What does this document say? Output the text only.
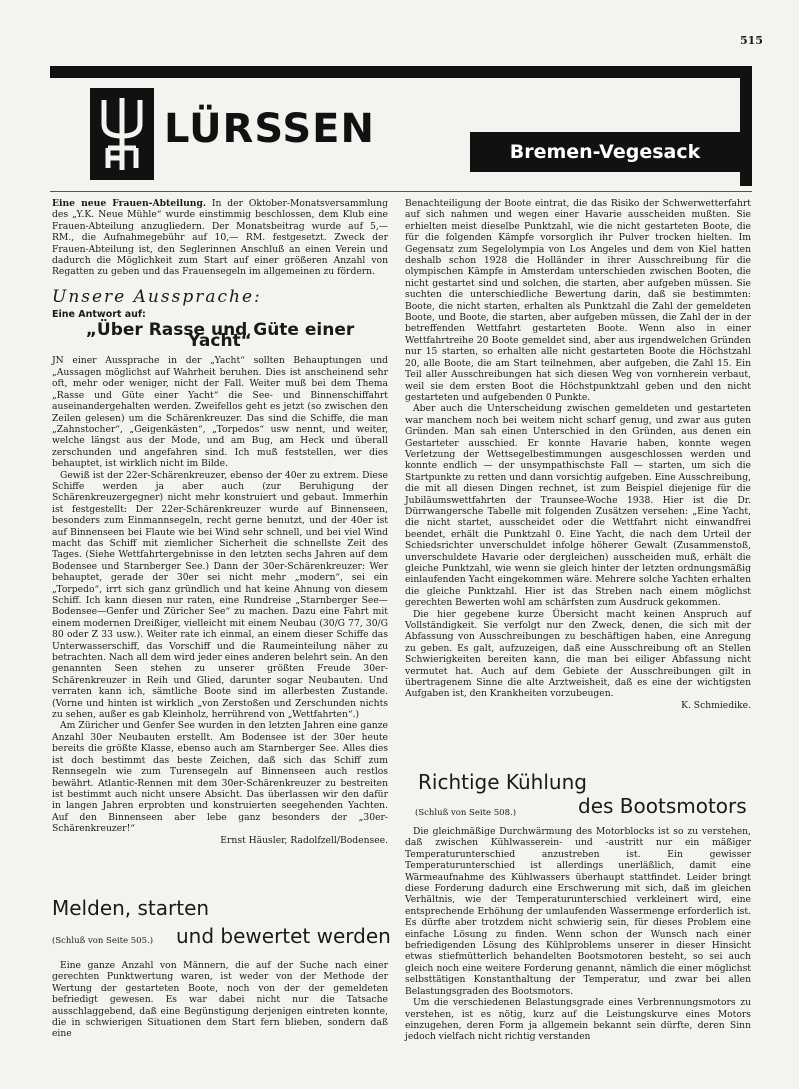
515
LÜRSSEN	Bremen-Vegesack

Eine neue Frauen-Abteilung. In der Oktober-Monatsversammlung des „Y.K. Neue Mühle“ wurde einstimmig beschlossen, dem Klub eine Frauen-Abteilung anzugliedern. Der Monatsbeitrag wurde auf 5,— RM., die Aufnahmegebühr auf 10,— RM. festgesetzt. Zweck der Frauen-Abteilung ist, den Seglerinnen Anschluß an einen Verein und dadurch die Möglichkeit zum Start auf einer größeren Anzahl von Regatten zu geben und das Frauensegeln im allgemeinen zu fördern.

Unsere Aussprache:
Eine Antwort auf:
„Über Rasse und Güte einer Yacht“

JN einer Aussprache in der „Yacht“ sollten Behauptungen und „Aussagen möglichst auf Wahrheit beruhen. Dies ist anscheinend sehr oft, mehr oder weniger, nicht der Fall. Weiter muß bei dem Thema „Rasse und Güte einer Yacht“ die See- und Binnenschiffahrt auseinandergehalten werden. Zweifellos geht es jetzt (so zwischen den Zeilen gelesen) um die Schärenkreuzer. Das sind die Schiffe, die man „Zahnstocher“, „Geigenkästen“, „Torpedos“ usw nennt, und weiter, welche längst aus der Mode, und am Bug, am Heck und überall zerschunden und angefahren sind. Ich muß feststellen, wer dies behauptet, ist wirklich nicht im Bilde.

Gewiß ist der 22er-Schärenkreuzer, ebenso der 40er zu extrem. Diese Schiffe werden ja aber auch (zur Beruhigung der Schärenkreuzergegner) nicht mehr konstruiert und gebaut. Immerhin ist festgestellt: Der 22er-Schärenkreuzer wurde auf Binnenseen, besonders zum Einmannsegeln, recht gerne benutzt, und der 40er ist auf Binnenseen bei Flaute wie bei Wind sehr schnell, und bei viel Wind macht das Schiff mit ziemlicher Sicherheit die schnellste Zeit des Tages. (Siehe Wettfahrtergebnisse in den letzten sechs Jahren auf dem Bodensee und Starnberger See.) Dann der 30er-Schärenkreuzer: Wer behauptet, gerade der 30er sei nicht mehr „modern“, sei ein „Torpedo“, irrt sich ganz gründlich und hat keine Ahnung von diesem Schiff. Ich kann diesen nur raten, eine Rundreise „Starnberger See—Bodensee—Genfer und Züricher See“ zu machen. Dazu eine Fahrt mit einem modernen Dreißiger, vielleicht mit einem Neubau (30/G 77, 30/G 80 oder Z 33 usw.). Weiter rate ich einmal, an einem dieser Schiffe das Unterwasserschiff, das Vorschiff und die Raumeinteilung näher zu betrachten. Nach all dem wird jeder eines anderen belehrt sein. An den genannten Seen stehen zu unserer größten Freude 30er-Schärenkreuzer in Reih und Glied, darunter sogar Neubauten. Und verraten kann ich, sämtliche Boote sind im allerbesten Zustande. (Vorne und hinten ist wirklich „von Zerstoßen und Zerschunden nichts zu sehen, außer es gab Kleinholz, herrührend von „Wettfahrten“.)

Am Züricher und Genfer See wurden in den letzten Jahren eine ganze Anzahl 30er Neubauten erstellt. Am Bodensee ist der 30er heute bereits die größte Klasse, ebenso auch am Starnberger See. Alles dies ist doch bestimmt das beste Zeichen, daß sich das Schiff zum Rennsegeln wie zum Turensegeln auf Binnenseen auch restlos bewährt. Atlantic-Rennen mit dem 30er-Schärenkreuzer zu bestreiten ist bestimmt auch nicht unsere Absicht. Das überlassen wir den dafür in langen Jahren erprobten und konstruierten seegehenden Yachten. Auf den Binnenseen aber lebe ganz besonders der „30er-Schärenkreuzer!“

Ernst Häusler, Radolfzell/Bodensee.

Melden, starten
(Schluß von Seite 505.) und bewertet werden

Eine ganze Anzahl von Männern, die auf der Suche nach einer gerechten Punktwertung waren, ist weder von der Methode der Wertung der gestarteten Boote, noch von der der gemeldeten befriedigt gewesen. Es war dabei nicht nur die Tatsache ausschlaggebend, daß eine Begünstigung derjenigen eintreten konnte, die in schwierigen Situationen dem Start fern blieben, sondern daß eine

Benachteiligung der Boote eintrat, die das Risiko der Schwerwetterfahrt auf sich nahmen und wegen einer Havarie ausscheiden mußten. Sie erhielten meist dieselbe Punktzahl, wie die nicht gestarteten Boote, die für die folgenden Kämpfe vorsorglich ihr Pulver trocken hielten. Im Gegensatz zum Segelolympia von Los Angeles und dem von Kiel hatten deshalb schon 1928 die Holländer in ihrer Ausschreibung für die olympischen Kämpfe in Amsterdam unterschieden zwischen Booten, die nicht gestartet sind und solchen, die starten, aber aufgeben müssen. Sie suchten die unterschiedliche Bewertung darin, daß sie bestimmten: Boote, die nicht starten, erhalten als Punktzahl die Zahl der gemeldeten Boote, und Boote, die starten, aber aufgeben müssen, die Zahl der in der betreffenden Wettfahrt gestarteten Boote. Wenn also in einer Wettfahrtreihe 20 Boote gemeldet sind, aber aus irgendwelchen Gründen nur 15 starten, so erhalten alle nicht gestarteten Boote die Höchstzahl 20, alle Boote, die am Start teilnehmen, aber aufgeben, die Zahl 15. Ein Teil aller Ausschreibungen hat sich diesen Weg von vornherein verbaut, weil sie dem ersten Boot die Höchstpunktzahl geben und den nicht gestarteten und aufgebenden 0 Punkte.

Aber auch die Unterscheidung zwischen gemeldeten und gestarteten war manchem noch bei weitem nicht scharf genug, und zwar aus guten Gründen. Man sah einen Unterschied in den Gründen, aus denen ein Gestarteter ausschied. Er konnte Havarie haben, konnte wegen Verletzung der Wettsegelbestimmungen ausgeschlossen werden und konnte endlich — der unsympathischste Fall — starten, um sich die Startpunkte zu retten und dann vorsichtig aufgeben. Eine Ausschreibung, die mit all diesen Dingen rechnet, ist zum Beispiel diejenige für die Jubiläumswettfahrten der Traunsee-Woche 1938. Hier ist die Dr. Dürrwangersche Tabelle mit folgenden Zusätzen versehen: „Eine Yacht, die nicht startet, ausscheidet oder die Wettfahrt nicht einwandfrei beendet, erhält die Punktzahl 0. Eine Yacht, die nach dem Urteil der Schiedsrichter unverschuldet infolge höherer Gewalt (Zusammenstoß, unverschuldete Havarie oder dergleichen) ausscheiden muß, erhält die gleiche Punktzahl, wie wenn sie gleich hinter der letzten ordnungsmäßig einlaufenden Yacht eingekommen wäre. Mehrere solche Yachten erhalten die gleiche Punktzahl. Hier ist das Streben nach einem möglichst gerechten Bewerten wohl am schärfsten zum Ausdruck gekommen.

Die hier gegebene kurze Übersicht macht keinen Anspruch auf Vollständigkeit. Sie verfolgt nur den Zweck, denen, die sich mit der Abfassung von Ausschreibungen zu beschäftigen haben, eine Anregung zu geben. Es galt, aufzuzeigen, daß eine Ausschreibung oft an Stellen Schwierigkeiten bereiten kann, die man bei eiliger Abfassung nicht vermutet hat. Auch auf dem Gebiete der Ausschreibungen gilt in übertragenem Sinne die alte Arztweisheit, daß es eine der wichtigsten Aufgaben ist, den Krankheiten vorzubeugen.

K. Schmiedike.

Richtige Kühlung
(Schluß von Seite 508.)	des Bootsmotors

Die gleichmäßige Durchwärmung des Motorblocks ist so zu verstehen, daß zwischen Kühlwasserein- und -austritt nur ein mäßiger Temperaturunterschied anzustreben ist. Ein gewisser Temperaturunterschied ist allerdings unerläßlich, damit eine Wärmeaufnahme des Kühlwassers überhaupt stattfindet. Leider bringt diese Forderung dadurch eine Erschwerung mit sich, daß im gleichen Verhältnis, wie der Temperaturunterschied verkleinert wird, eine entsprechende Erhöhung der umlaufenden Wassermenge erforderlich ist. Es dürfte aber trotzdem nicht schwierig sein, für dieses Problem eine einfache Lösung zu finden. Wenn schon der Wunsch nach einer befriedigenden Lösung des Kühlproblems unserer in dieser Hinsicht etwas stiefmütterlich behandelten Bootsmotoren besteht, so sei auch gleich noch eine weitere Forderung genannt, nämlich die einer möglichst selbsttätigen Konstanthaltung der Temperatur, und zwar bei allen Belastungsgraden des Bootsmotors.

Um die verschiedenen Belastungsgrade eines Verbrennungsmotors zu verstehen, ist es nötig, kurz auf die Leistungskurve eines Motors einzugehen, deren Form ja allgemein bekannt sein dürfte, deren Sinn jedoch vielfach nicht richtig verstanden
